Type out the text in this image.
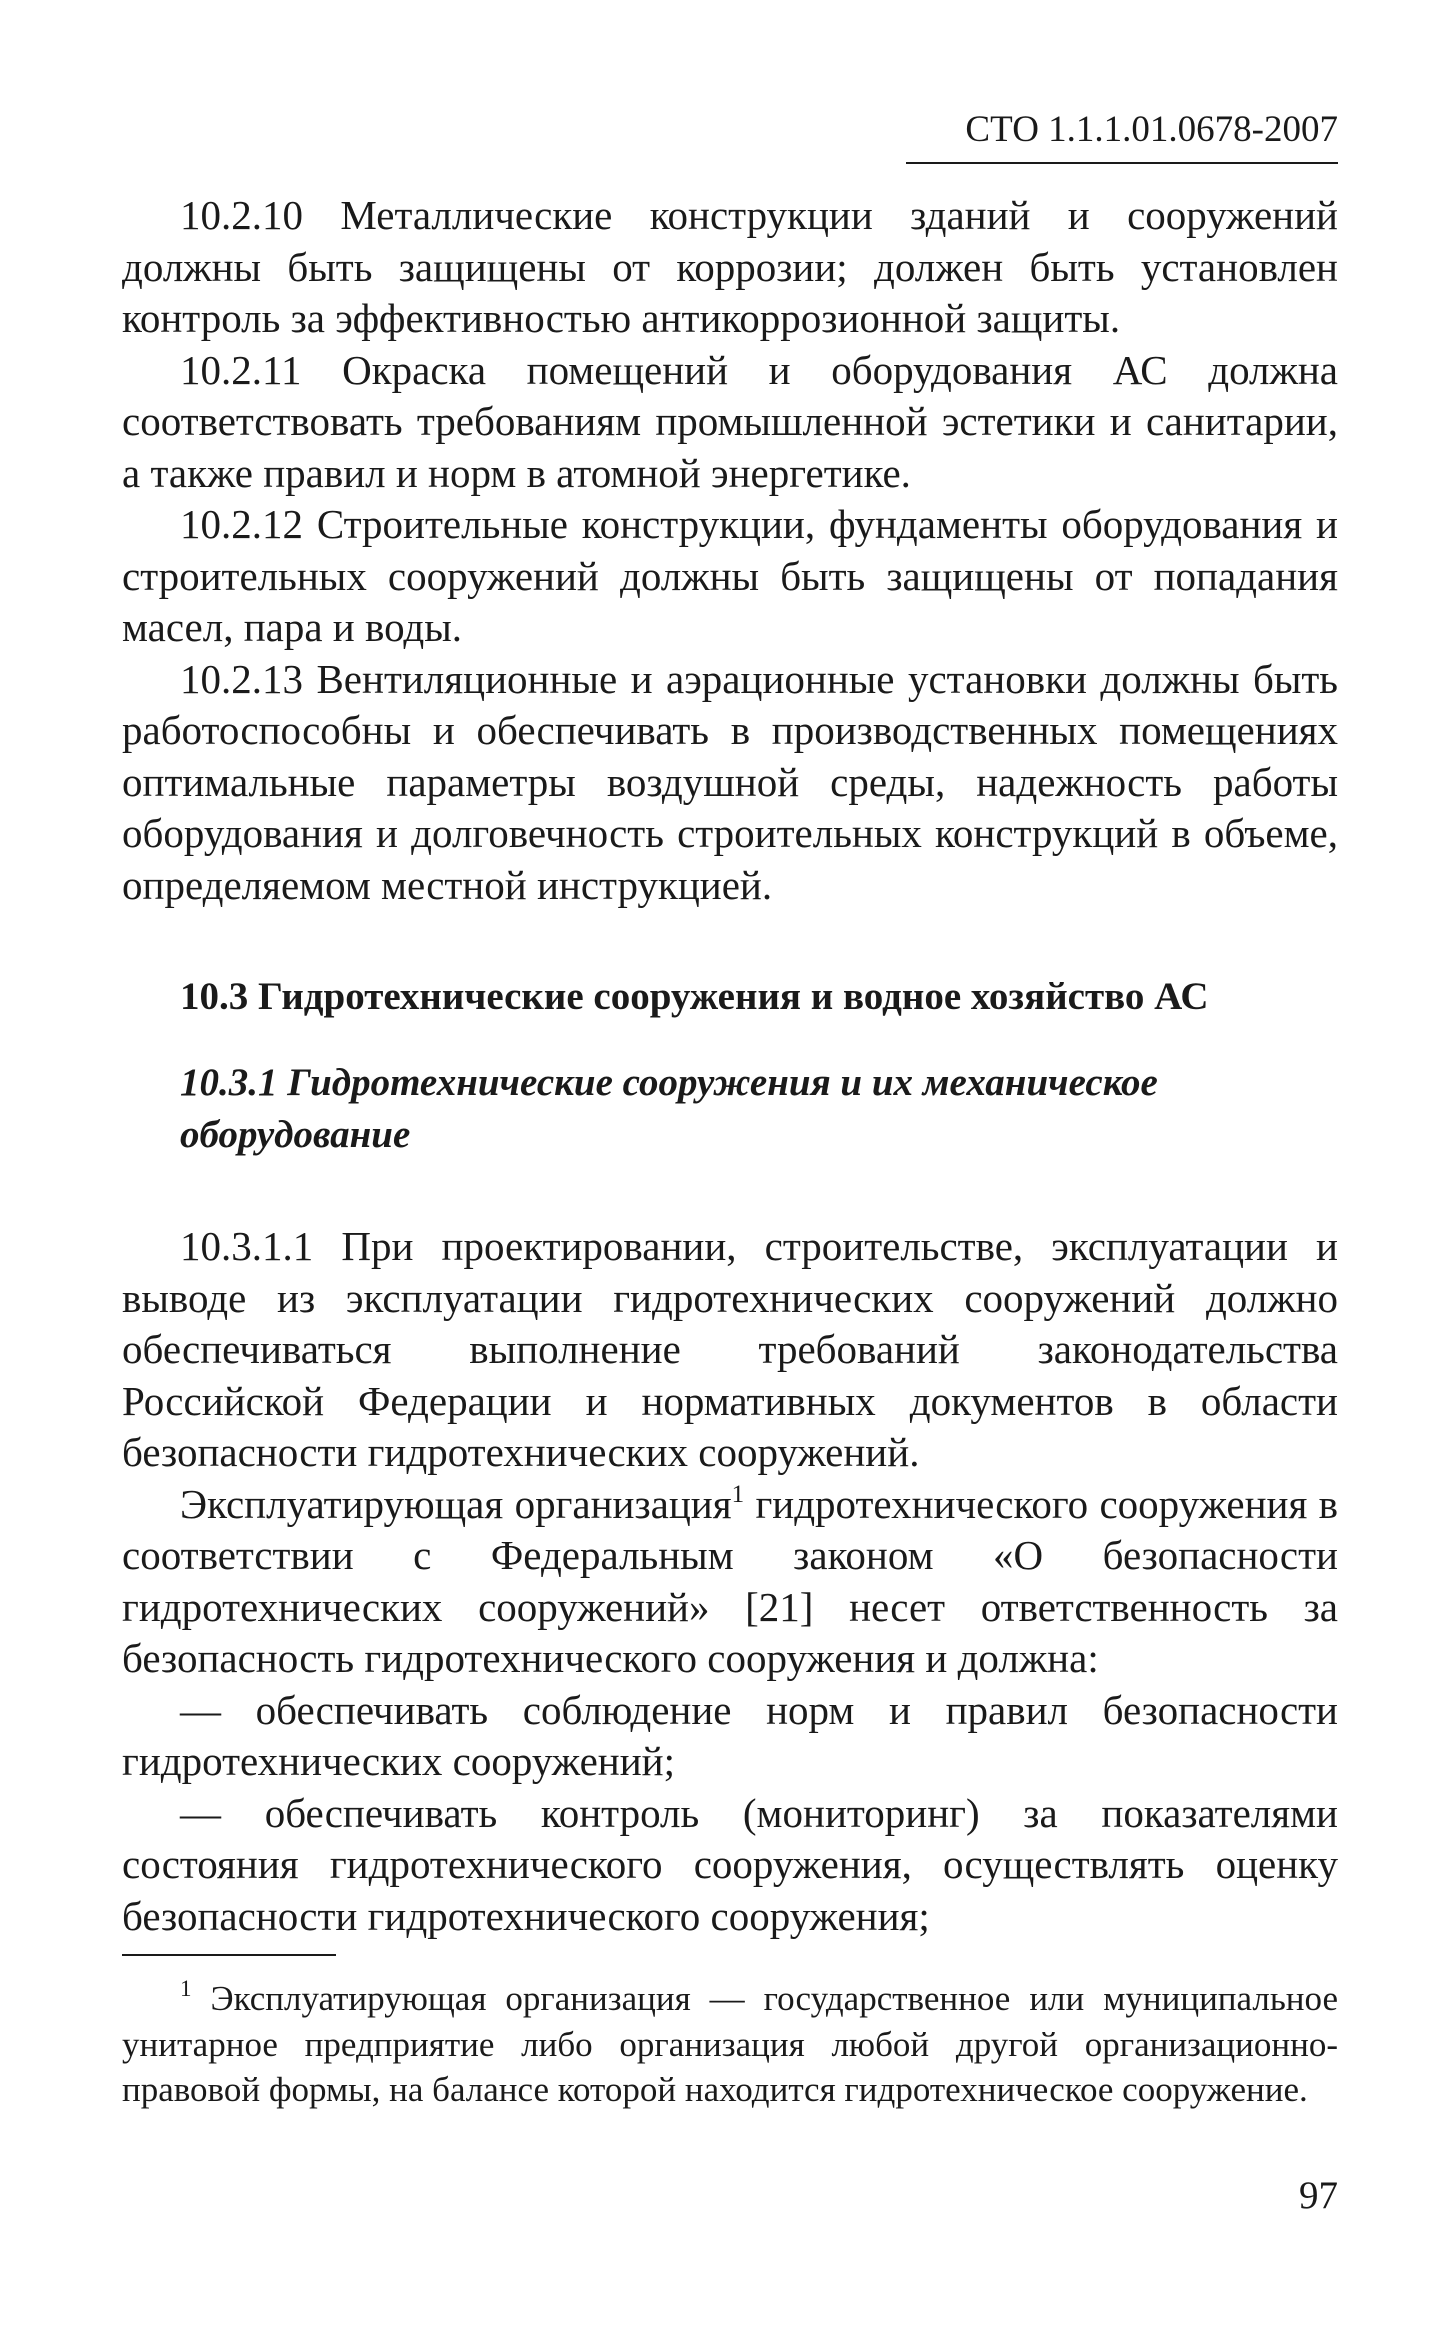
СТО 1.1.1.01.0678-2007

10.2.10 Металлические конструкции зданий и сооружений должны быть защищены от коррозии; должен быть установлен контроль за эффективностью антикоррозионной защиты.

10.2.11 Окраска помещений и оборудования АС должна соответствовать требованиям промышленной эстетики и санитарии, а также правил и норм в атомной энергетике.

10.2.12 Строительные конструкции, фундаменты оборудования и строительных сооружений должны быть защищены от попадания масел, пара и воды.

10.2.13 Вентиляционные и аэрационные установки должны быть работоспособны и обеспечивать в производственных помещениях оптимальные параметры воздушной среды, надежность работы оборудования и долговечность строительных конструкций в объеме, определяемом местной инструкцией.

10.3 Гидротехнические сооружения и водное хозяйство АС
10.3.1 Гидротехнические сооружения и их механическое оборудование

10.3.1.1 При проектировании, строительстве, эксплуатации и выводе из эксплуатации гидротехнических сооружений должно обеспечиваться выполнение требований законодательства Российской Федерации и нормативных документов в области безопасности гидротехнических сооружений.

Эксплуатирующая организация$^1$ гидротехнического сооружения в соответствии с Федеральным законом «О безопасности гидротехнических сооружений» [21] несет ответственность за безопасность гидротехнического сооружения и должна:

— обеспечивать соблюдение норм и правил безопасности гидротехнических сооружений;

— обеспечивать контроль (мониторинг) за показателями состояния гидротехнического сооружения, осуществлять оценку безопасности гидротехнического сооружения;

$^1$ Эксплуатирующая организация — государственное или муниципальное унитарное предприятие либо организация любой другой организационно-правовой формы, на балансе которой находится гидротехническое сооружение.

97
